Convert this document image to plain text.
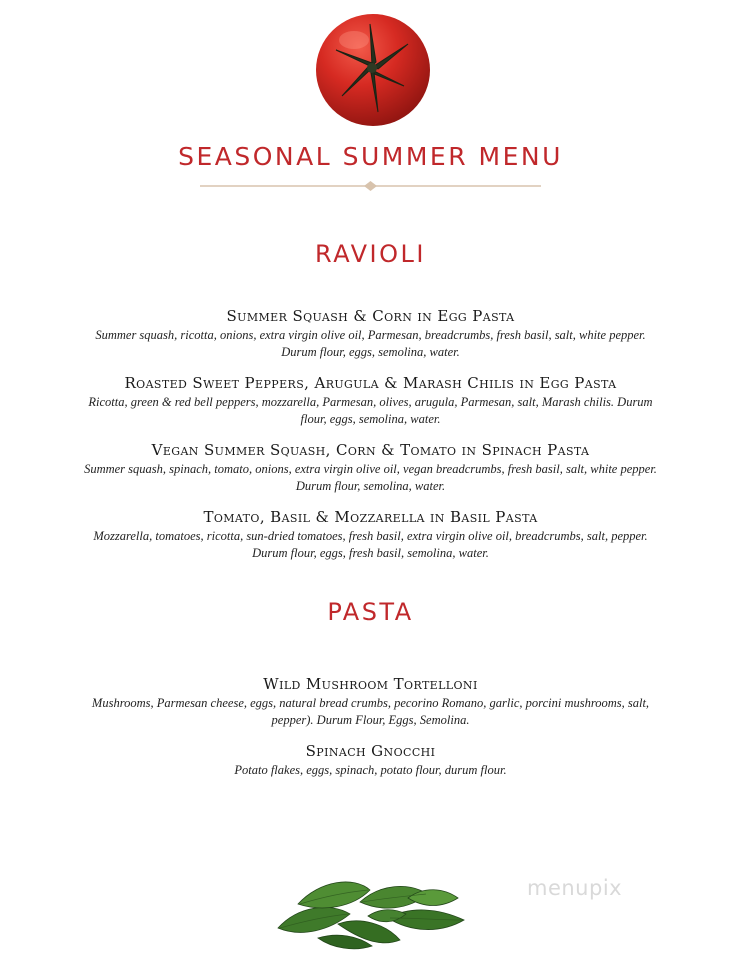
SEASONAL SUMMER MENU
RAVIOLI
Summer Squash & Corn in Egg Pasta
Summer squash, ricotta, onions, extra virgin olive oil, Parmesan, breadcrumbs, fresh basil, salt, white pepper. Durum flour, eggs, semolina, water.
Roasted Sweet Peppers, Arugula & Marash Chilis in Egg Pasta
Ricotta, green & red bell peppers, mozzarella, Parmesan, olives, arugula, Parmesan, salt, Marash chilis. Durum flour, eggs, semolina, water.
Vegan Summer Squash, Corn & Tomato in Spinach Pasta
Summer squash, spinach, tomato, onions, extra virgin olive oil, vegan breadcrumbs, fresh basil, salt, white pepper. Durum flour, semolina, water.
Tomato, Basil & Mozzarella in Basil Pasta
Mozzarella, tomatoes, ricotta, sun-dried tomatoes, fresh basil, extra virgin olive oil, breadcrumbs, salt, pepper. Durum flour, eggs, fresh basil, semolina, water.
PASTA
Wild Mushroom Tortelloni
Mushrooms, Parmesan cheese, eggs, natural bread crumbs, pecorino Romano, garlic, porcini mushrooms, salt, pepper). Durum Flour, Eggs, Semolina.
Spinach Gnocchi
Potato flakes, eggs, spinach, potato flour, durum flour.
menupix
